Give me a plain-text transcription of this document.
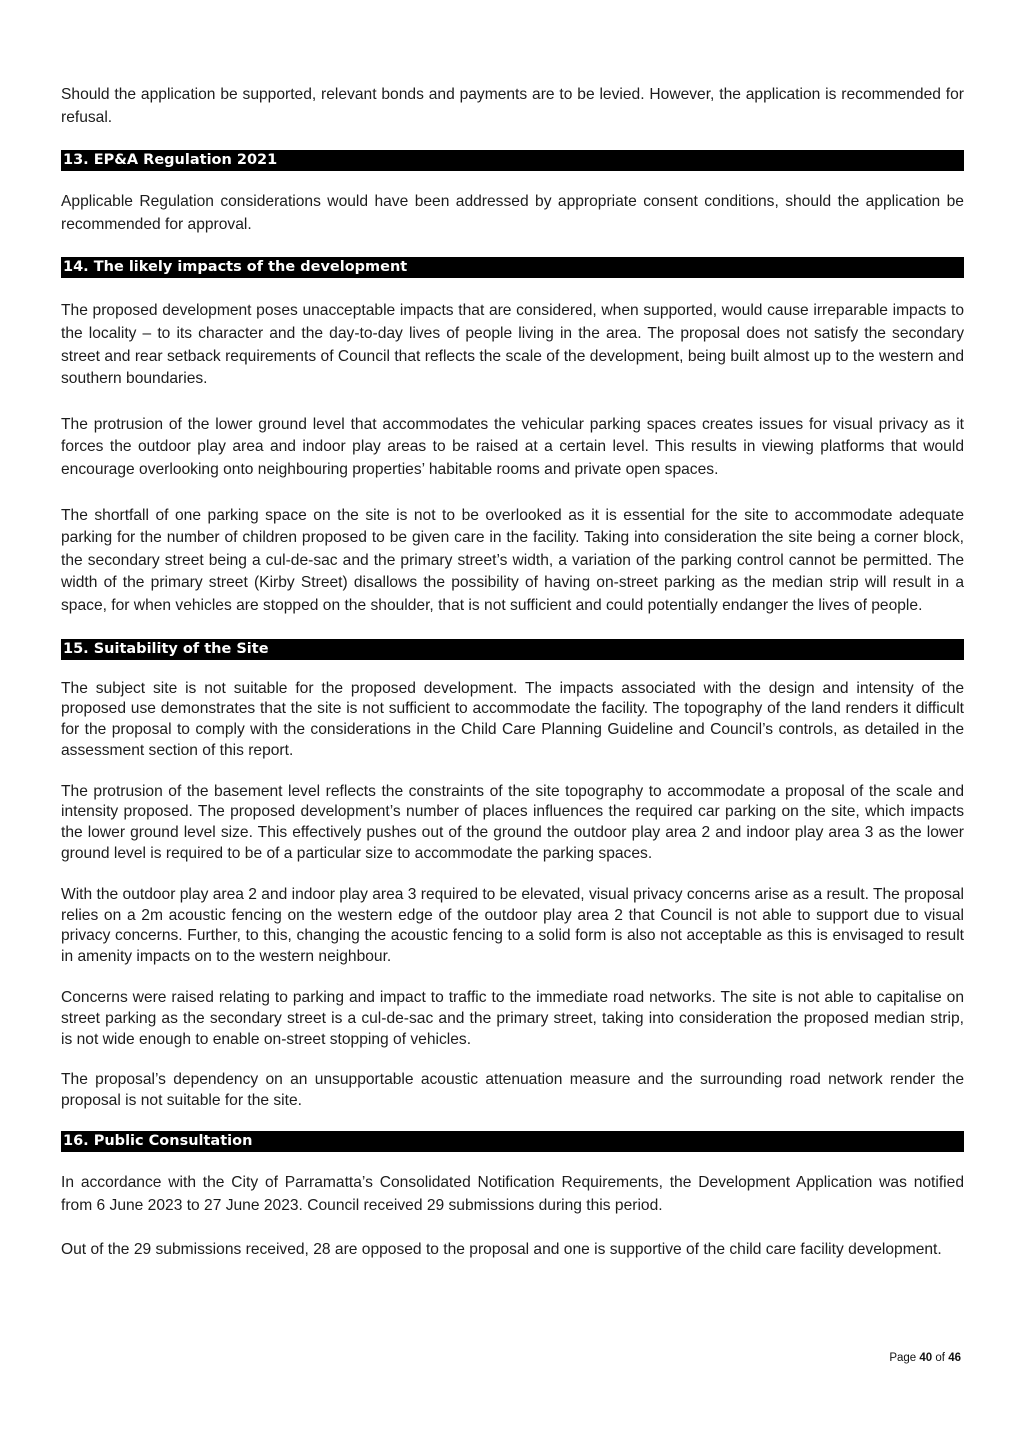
Should the application be supported, relevant bonds and payments are to be levied. However, the application is recommended for refusal.

13. EP&A Regulation 2021

Applicable Regulation considerations would have been addressed by appropriate consent conditions, should the application be recommended for approval.

14. The likely impacts of the development

The proposed development poses unacceptable impacts that are considered, when supported, would cause irreparable impacts to the locality – to its character and the day-to-day lives of people living in the area. The proposal does not satisfy the secondary street and rear setback requirements of Council that reflects the scale of the development, being built almost up to the western and southern boundaries.

The protrusion of the lower ground level that accommodates the vehicular parking spaces creates issues for visual privacy as it forces the outdoor play area and indoor play areas to be raised at a certain level. This results in viewing platforms that would encourage overlooking onto neighbouring properties’ habitable rooms and private open spaces.

The shortfall of one parking space on the site is not to be overlooked as it is essential for the site to accommodate adequate parking for the number of children proposed to be given care in the facility. Taking into consideration the site being a corner block, the secondary street being a cul-de-sac and the primary street’s width, a variation of the parking control cannot be permitted. The width of the primary street (Kirby Street) disallows the possibility of having on-street parking as the median strip will result in a space, for when vehicles are stopped on the shoulder, that is not sufficient and could potentially endanger the lives of people.

15. Suitability of the Site

The subject site is not suitable for the proposed development. The impacts associated with the design and intensity of the proposed use demonstrates that the site is not sufficient to accommodate the facility. The topography of the land renders it difficult for the proposal to comply with the considerations in the Child Care Planning Guideline and Council’s controls, as detailed in the assessment section of this report.

The protrusion of the basement level reflects the constraints of the site topography to accommodate a proposal of the scale and intensity proposed. The proposed development’s number of places influences the required car parking on the site, which impacts the lower ground level size. This effectively pushes out of the ground the outdoor play area 2 and indoor play area 3 as the lower ground level is required to be of a particular size to accommodate the parking spaces.

With the outdoor play area 2 and indoor play area 3 required to be elevated, visual privacy concerns arise as a result. The proposal relies on a 2m acoustic fencing on the western edge of the outdoor play area 2 that Council is not able to support due to visual privacy concerns. Further, to this, changing the acoustic fencing to a solid form is also not acceptable as this is envisaged to result in amenity impacts on to the western neighbour.

Concerns were raised relating to parking and impact to traffic to the immediate road networks. The site is not able to capitalise on street parking as the secondary street is a cul-de-sac and the primary street, taking into consideration the proposed median strip, is not wide enough to enable on-street stopping of vehicles.

The proposal’s dependency on an unsupportable acoustic attenuation measure and the surrounding road network render the proposal is not suitable for the site.

16. Public Consultation

In accordance with the City of Parramatta’s Consolidated Notification Requirements, the Development Application was notified from 6 June 2023 to 27 June 2023. Council received 29 submissions during this period.

Out of the 29 submissions received, 28 are opposed to the proposal and one is supportive of the child care facility development.

Page 40 of 46
